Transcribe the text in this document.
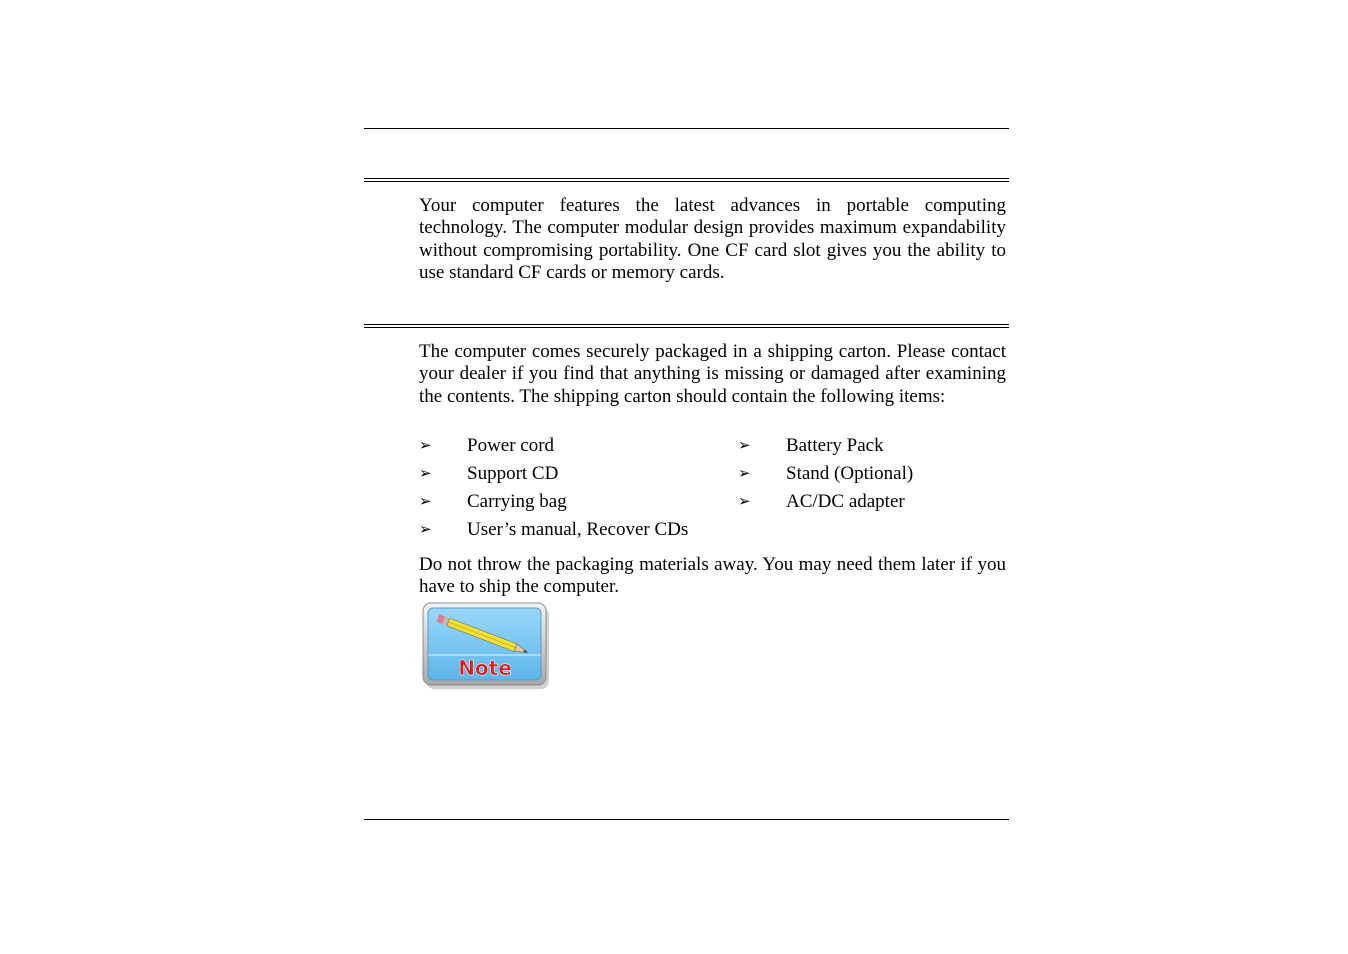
Your computer features the latest advances in portable computing technology. The computer modular design provides maximum expandability without compromising portability. One CF card slot gives you the ability to use standard CF cards or memory cards.

The computer comes securely packaged in a shipping carton. Please contact your dealer if you find that anything is missing or damaged after examining the contents. The shipping carton should contain the following items:

➢	Power cord	➢	Battery Pack
➢	Support CD	➢	Stand (Optional)
➢	Carrying bag	➢	AC/DC adapter
➢	User’s manual, Recover CDs

Do not throw the packaging materials away. You may need them later if you have to ship the computer.

Note
